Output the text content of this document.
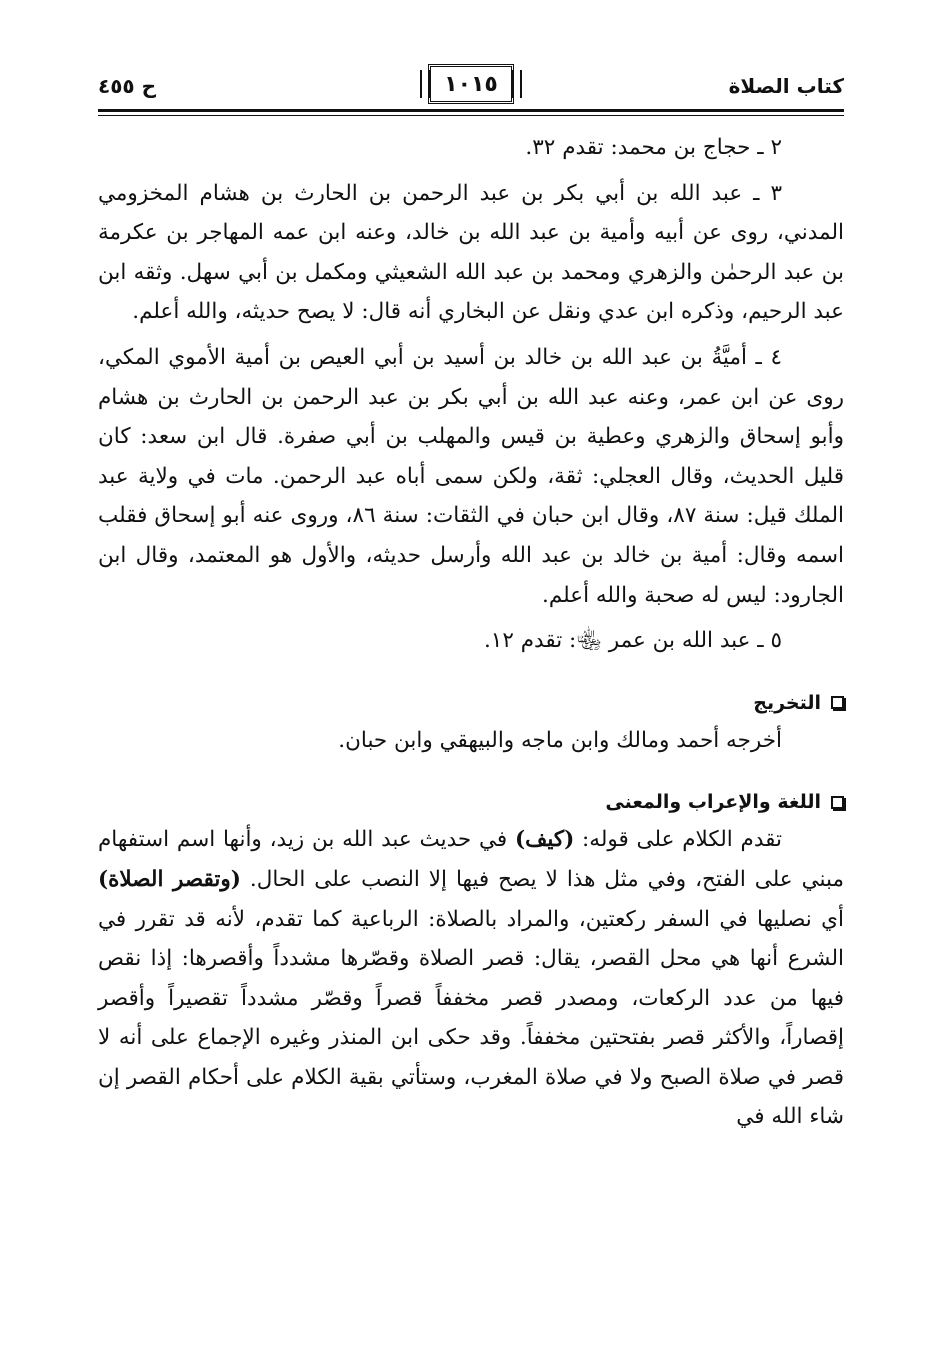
كتاب الصلاة
١٠١٥
ح ٤٥٥

٢ ـ حجاج بن محمد: تقدم ٣٢.

٣ ـ عبد الله بن أبي بكر بن عبد الرحمن بن الحارث بن هشام المخزومي المدني، روى عن أبيه وأمية بن عبد الله بن خالد، وعنه ابن عمه المهاجر بن عكرمة بن عبد الرحمٰن والزهري ومحمد بن عبد الله الشعيثي ومكمل بن أبي سهل. وثقه ابن عبد الرحيم، وذكره ابن عدي ونقل عن البخاري أنه قال: لا يصح حديثه، والله أعلم.

٤ ـ أميَّةُ بن عبد الله بن خالد بن أسيد بن أبي العيص بن أمية الأموي المكي، روى عن ابن عمر، وعنه عبد الله بن أبي بكر بن عبد الرحمن بن الحارث بن هشام وأبو إسحاق والزهري وعطية بن قيس والمهلب بن أبي صفرة. قال ابن سعد: كان قليل الحديث، وقال العجلي: ثقة، ولكن سمى أباه عبد الرحمن. مات في ولاية عبد الملك قيل: سنة ٨٧، وقال ابن حبان في الثقات: سنة ٨٦، وروى عنه أبو إسحاق فقلب اسمه وقال: أمية بن خالد بن عبد الله وأرسل حديثه، والأول هو المعتمد، وقال ابن الجارود: ليس له صحبة والله أعلم.

٥ ـ عبد الله بن عمر ﵄: تقدم ١٢.

التخريج

أخرجه أحمد ومالك وابن ماجه والبيهقي وابن حبان.

اللغة والإعراب والمعنى

تقدم الكلام على قوله: (كيف) في حديث عبد الله بن زيد، وأنها اسم استفهام مبني على الفتح، وفي مثل هذا لا يصح فيها إلا النصب على الحال. (وتقصر الصلاة) أي نصليها في السفر ركعتين، والمراد بالصلاة: الرباعية كما تقدم، لأنه قد تقرر في الشرع أنها هي محل القصر، يقال: قصر الصلاة وقصّرها مشدداً وأقصرها: إذا نقص فيها من عدد الركعات، ومصدر قصر مخففاً قصراً وقصّر مشدداً تقصيراً وأقصر إقصاراً، والأكثر قصر بفتحتين مخففاً. وقد حكى ابن المنذر وغيره الإجماع على أنه لا قصر في صلاة الصبح ولا في صلاة المغرب، وستأتي بقية الكلام على أحكام القصر إن شاء الله في
